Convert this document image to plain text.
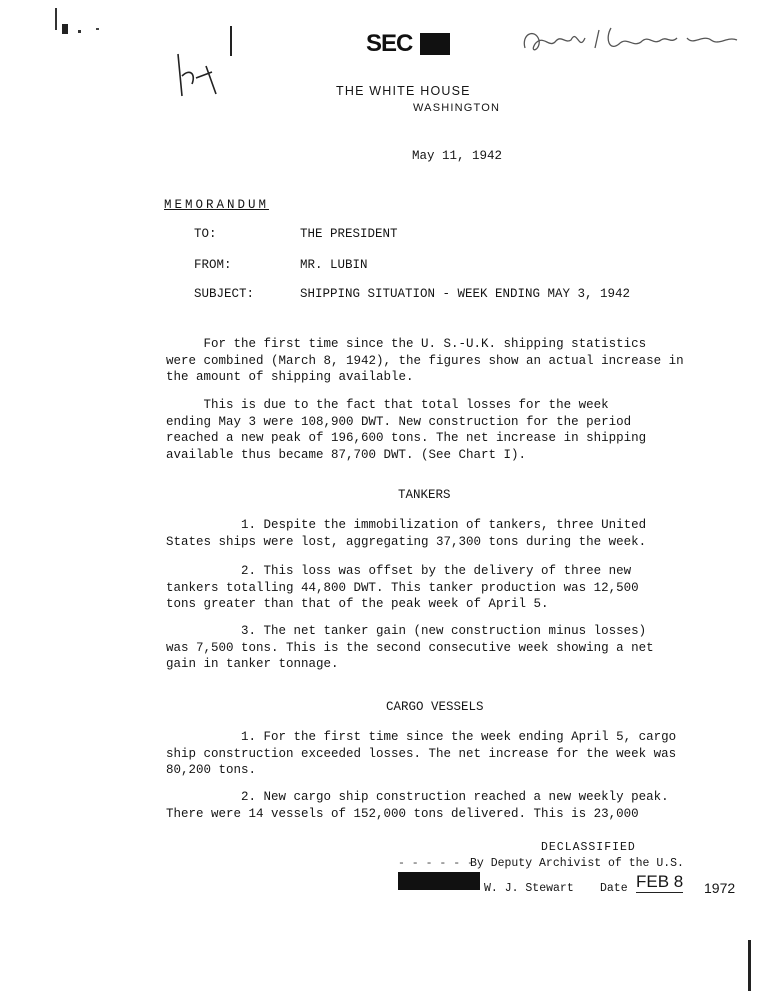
SEC
THE WHITE HOUSE
WASHINGTON
May 11, 1942
MEMORANDUM
TO:	THE PRESIDENT
FROM:	MR. LUBIN
SUBJECT:	SHIPPING SITUATION - WEEK ENDING MAY 3, 1942

For the first time since the U. S.-U.K. shipping statistics

were combined (March 8, 1942), the figures show an actual increase in

the amount of shipping available.

This is due to the fact that total losses for the week

ending May 3 were 108,900 DWT. New construction for the period

reached a new peak of 196,600 tons. The net increase in shipping

available thus became 87,700 DWT. (See Chart I).

TANKERS

1. Despite the immobilization of tankers, three United

States ships were lost, aggregating 37,300 tons during the week.

2. This loss was offset by the delivery of three new

tankers totalling 44,800 DWT. This tanker production was 12,500

tons greater than that of the peak week of April 5.

3. The net tanker gain (new construction minus losses)

was 7,500 tons. This is the second consecutive week showing a net

gain in tanker tonnage.

CARGO VESSELS

1. For the first time since the week ending April 5, cargo

ship construction exceeded losses. The net increase for the week was

80,200 tons.

2. New cargo ship construction reached a new weekly peak.

There were 14 vessels of 152,000 tons delivered. This is 23,000

DECLASSIFIED
- - - - - -
By Deputy Archivist of the U.S.
W. J. Stewart Date FEB 8 1972
